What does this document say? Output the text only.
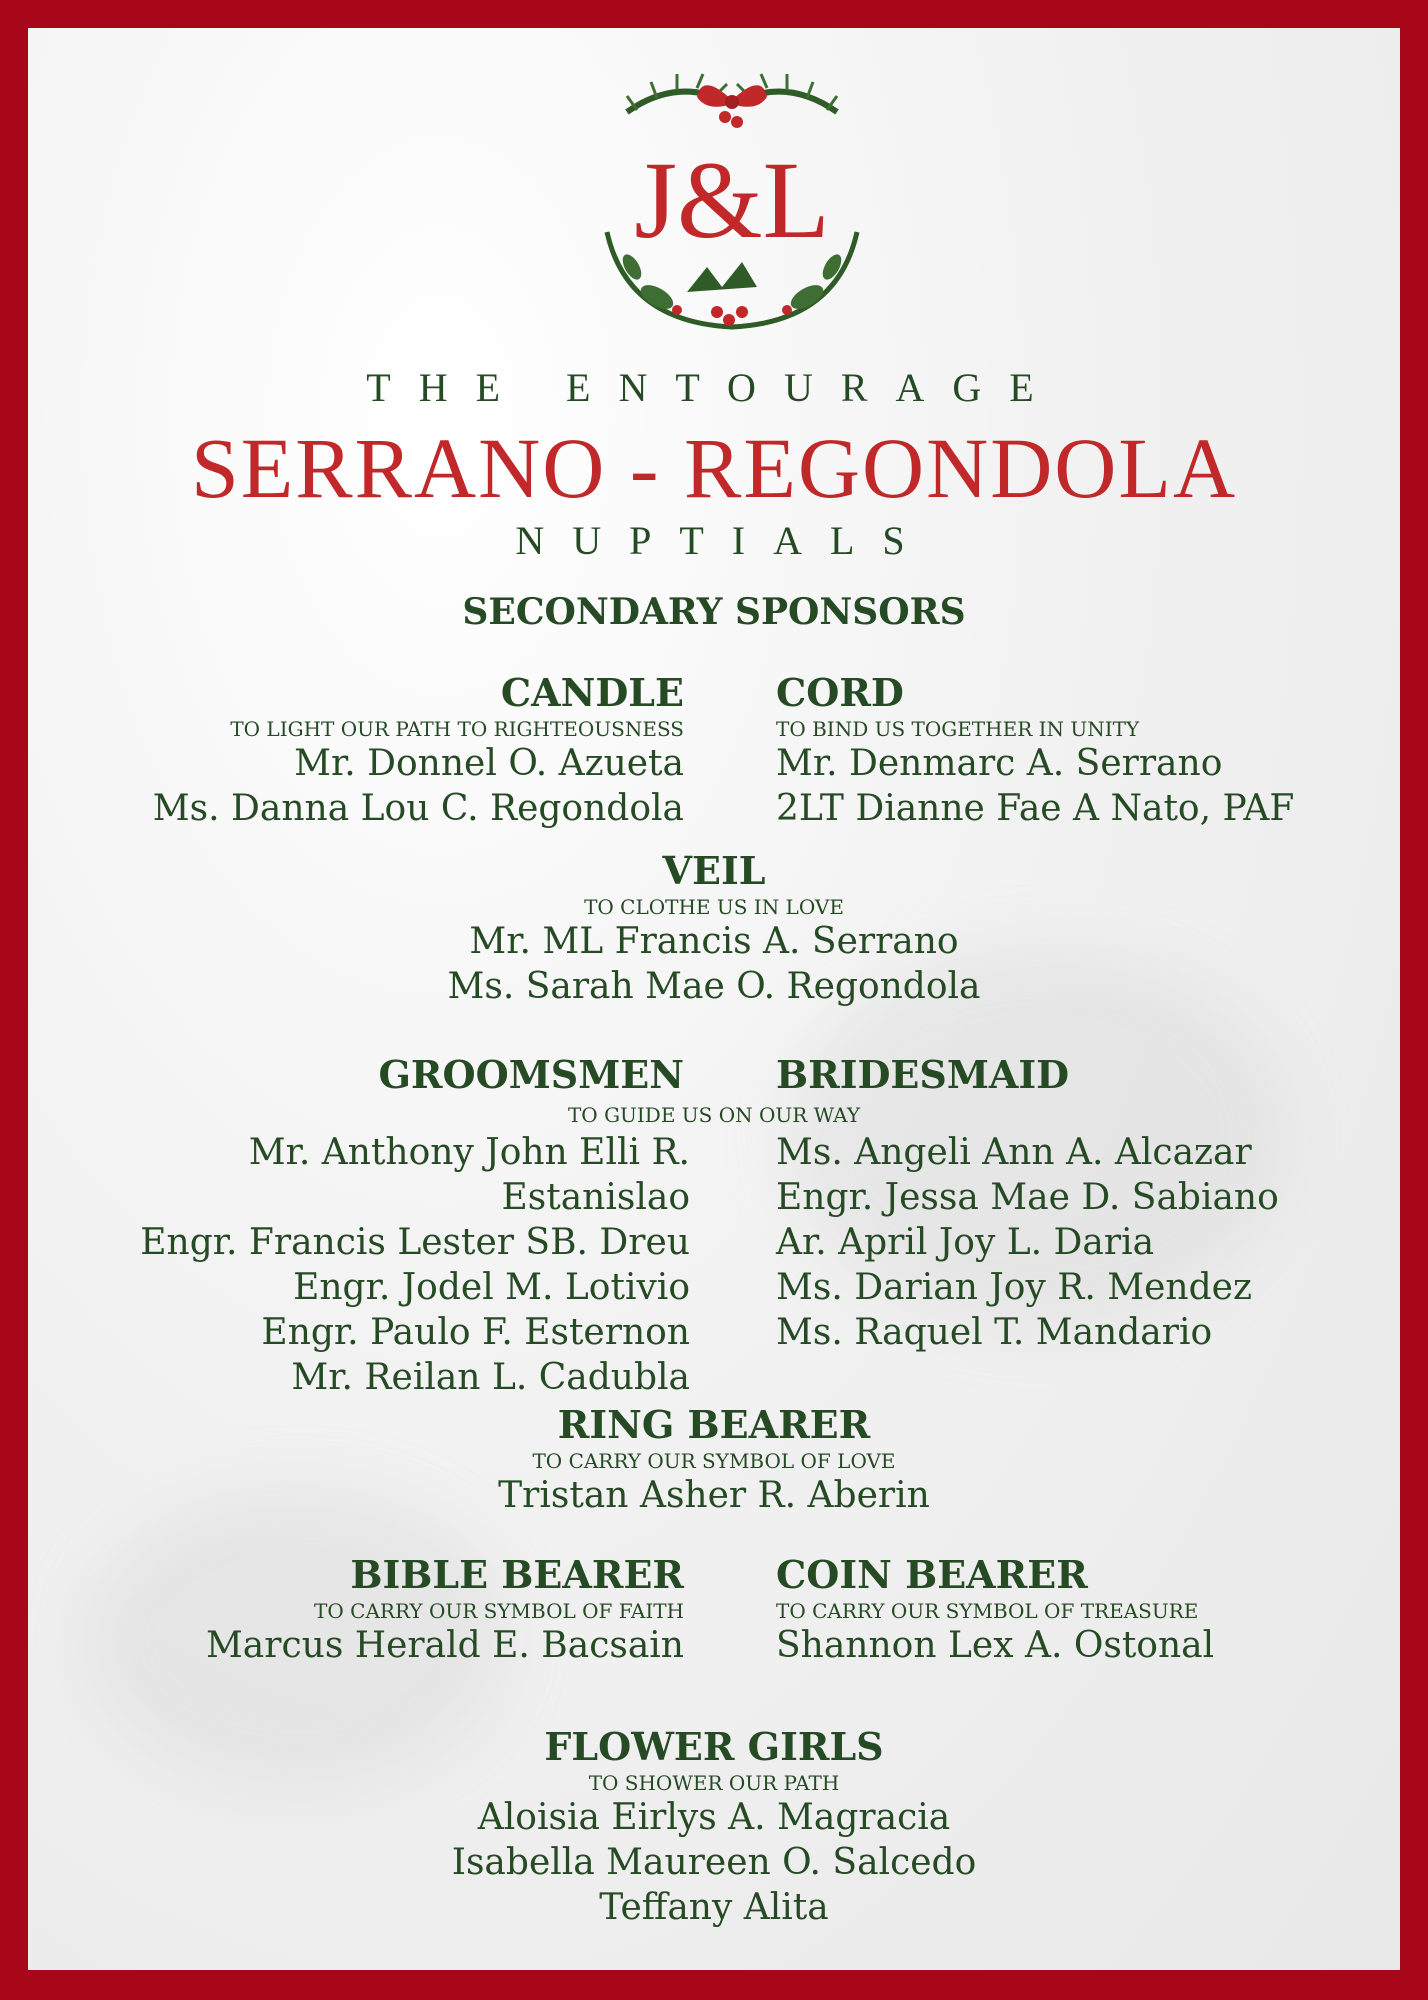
J&L
THE ENTOURAGE
SERRANO - REGONDOLA
NUPTIALS
SECONDARY SPONSORS
CANDLE
TO LIGHT OUR PATH TO RIGHTEOUSNESS
Mr. Donnel O. Azueta
Ms. Danna Lou C. Regondola
CORD
TO BIND US TOGETHER IN UNITY
Mr. Denmarc A. Serrano
2LT Dianne Fae A Nato, PAF
VEIL
TO CLOTHE US IN LOVE
Mr. ML Francis A. Serrano
Ms. Sarah Mae O. Regondola
GROOMSMEN BRIDESMAID
TO GUIDE US ON OUR WAY
Mr. Anthony John Elli R. Estanislao
Engr. Francis Lester SB. Dreu
Engr. Jodel M. Lotivio
Engr. Paulo F. Esternon
Mr. Reilan L. Cadubla
Ms. Angeli Ann A. Alcazar
Engr. Jessa Mae D. Sabiano
Ar. April Joy L. Daria
Ms. Darian Joy R. Mendez
Ms. Raquel T. Mandario
RING BEARER
TO CARRY OUR SYMBOL OF LOVE
Tristan Asher R. Aberin
BIBLE BEARER
TO CARRY OUR SYMBOL OF FAITH
Marcus Herald E. Bacsain
COIN BEARER
TO CARRY OUR SYMBOL OF TREASURE
Shannon Lex A. Ostonal
FLOWER GIRLS
TO SHOWER OUR PATH
Aloisia Eirlys A. Magracia
Isabella Maureen O. Salcedo
Teffany Alita
